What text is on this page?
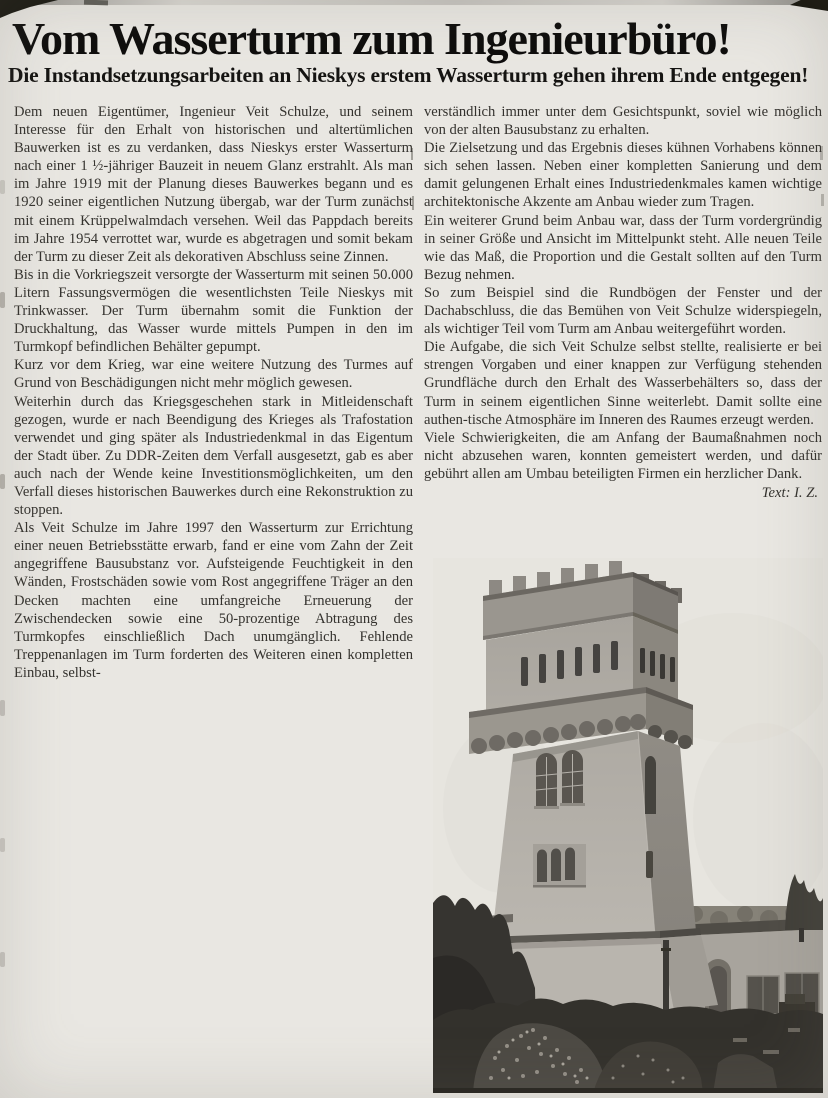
Vom Wasserturm zum Ingenieurbüro!
Die Instandsetzungsarbeiten an Nieskys erstem Wasserturm gehen ihrem Ende entgegen!

Dem neuen Eigentümer, Ingenieur Veit Schulze, und seinem Interesse für den Erhalt von historischen und altertümlichen Bauwerken ist es zu verdanken, dass Nieskys erster Wasserturm nach einer 1 ½-jähriger Bauzeit in neuem Glanz erstrahlt. Als man im Jahre 1919 mit der Planung dieses Bauwerkes begann und es 1920 seiner eigentlichen Nutzung übergab, war der Turm zunächst mit einem Krüppelwalmdach versehen. Weil das Pappdach bereits im Jahre 1954 verrottet war, wurde es abgetragen und somit bekam der Turm zu dieser Zeit als dekorativen Abschluss seine Zinnen.

Bis in die Vorkriegszeit versorgte der Wasserturm mit seinen 50.000 Litern Fassungsvermögen die wesentlichsten Teile Nieskys mit Trinkwasser. Der Turm übernahm somit die Funktion der Druckhaltung, das Wasser wurde mittels Pumpen in den im Turmkopf befindlichen Behälter gepumpt.

Kurz vor dem Krieg, war eine weitere Nutzung des Turmes auf Grund von Beschädigungen nicht mehr möglich gewesen.

Weiterhin durch das Kriegsgeschehen stark in Mitleidenschaft gezogen, wurde er nach Beendigung des Krieges als Trafostation verwendet und ging später als Industriedenkmal in das Eigentum der Stadt über. Zu DDR-Zeiten dem Verfall ausgesetzt, gab es aber auch nach der Wende keine Investitionsmöglichkeiten, um den Verfall dieses historischen Bauwerkes durch eine Rekonstruktion zu stoppen.

Als Veit Schulze im Jahre 1997 den Wasserturm zur Errichtung einer neuen Betriebsstätte erwarb, fand er eine vom Zahn der Zeit angegriffene Bausubstanz vor. Aufsteigende Feuchtigkeit in den Wänden, Frostschäden sowie vom Rost angegriffene Träger an den Decken machten eine umfangreiche Erneuerung der Zwischendecken sowie eine 50-prozentige Abtragung des Turmkopfes einschließlich Dach unumgänglich. Fehlende Treppenanlagen im Turm forderten des Weiteren einen kompletten Einbau, selbst-

verständlich immer unter dem Gesichtspunkt, soviel wie möglich von der alten Bausubstanz zu erhalten.

Die Zielsetzung und das Ergebnis dieses kühnen Vorhabens können sich sehen lassen. Neben einer kompletten Sanierung und dem damit gelungenen Erhalt eines Industriedenkmales kamen wichtige architektonische Akzente am Anbau wieder zum Tragen.

Ein weiterer Grund beim Anbau war, dass der Turm vordergründig in seiner Größe und Ansicht im Mittelpunkt steht. Alle neuen Teile wie das Maß, die Proportion und die Gestalt sollten auf den Turm Bezug nehmen.

So zum Beispiel sind die Rundbögen der Fenster und der Dachabschluss, die das Bemühen von Veit Schulze widerspiegeln, als wichtiger Teil vom Turm am Anbau weitergeführt worden.

Die Aufgabe, die sich Veit Schulze selbst stellte, realisierte er bei strengen Vorgaben und einer knappen zur Verfügung stehenden Grundfläche durch den Erhalt des Wasserbehälters so, dass der Turm in seinem eigentlichen Sinne weiterlebt. Damit sollte eine authen-tische Atmosphäre im Inneren des Raumes erzeugt werden.

Viele Schwierigkeiten, die am Anfang der Baumaßnahmen noch nicht abzusehen waren, konnten gemeistert werden, und dafür gebührt allen am Umbau beteiligten Firmen ein herzlicher Dank.

Text: I. Z.
